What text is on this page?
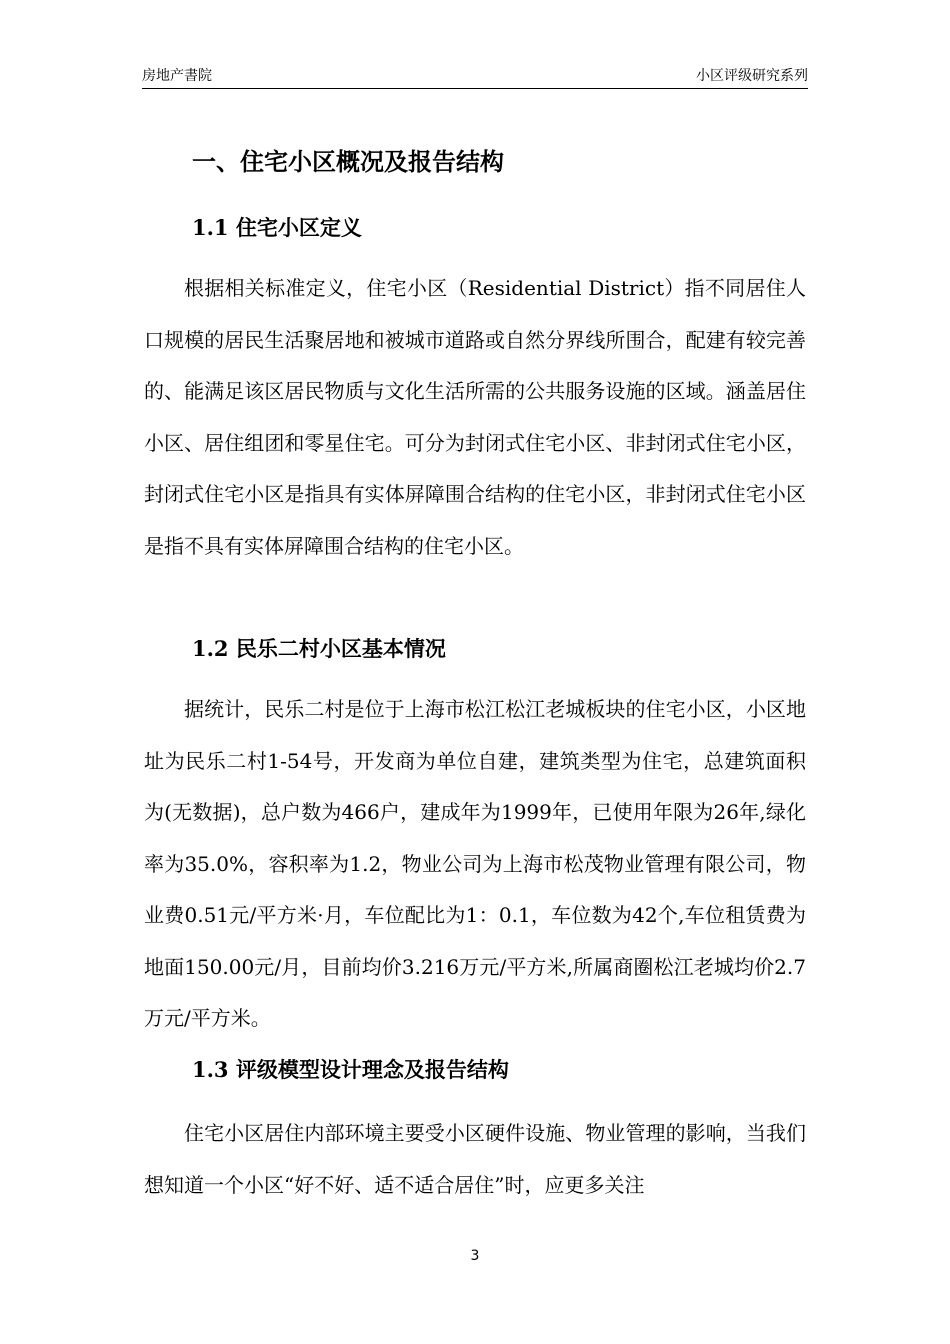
房地产書院	小区评级研究系列
一、住宅小区概况及报告结构
1.1 住宅小区定义

根据相关标准定义，住宅小区（Residential District）指不同居住人口规模的居民生活聚居地和被城市道路或自然分界线所围合，配建有较完善的、能满足该区居民物质与文化生活所需的公共服务设施的区域。涵盖居住小区、居住组团和零星住宅。可分为封闭式住宅小区、非封闭式住宅小区，封闭式住宅小区是指具有实体屏障围合结构的住宅小区，非封闭式住宅小区是指不具有实体屏障围合结构的住宅小区。

1.2 民乐二村小区基本情况

据统计，民乐二村是位于上海市松江松江老城板块的住宅小区，小区地址为民乐二村1-54号，开发商为单位自建，建筑类型为住宅，总建筑面积为(无数据)，总户数为466户，建成年为1999年，已使用年限为26年,绿化率为35.0%，容积率为1.2，物业公司为上海市松茂物业管理有限公司，物业费0.51元/平方米·月，车位配比为1：0.1，车位数为42个,车位租赁费为地面150.00元/月，目前均价3.216万元/平方米,所属商圈松江老城均价2.7万元/平方米。

1.3 评级模型设计理念及报告结构

住宅小区居住内部环境主要受小区硬件设施、物业管理的影响，当我们想知道一个小区“好不好、适不适合居住”时，应更多关注

3
